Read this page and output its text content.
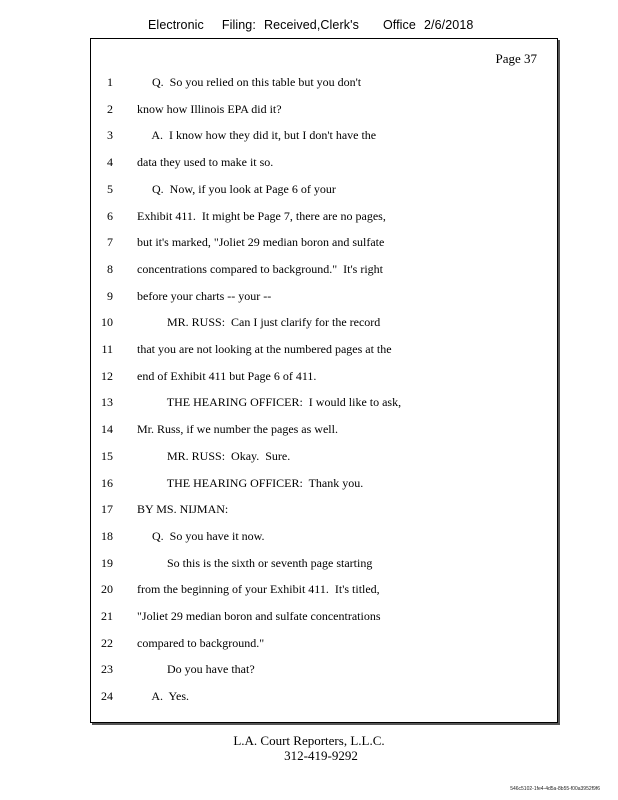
Electronic Filing: Received,Clerk's Office 2/6/2018
Page 37
1 Q.  So you relied on this table but you don't
2 know how Illinois EPA did it?
3 A.  I know how they did it, but I don't have the
4 data they used to make it so.
5 Q.  Now, if you look at Page 6 of your
6 Exhibit 411.  It might be Page 7, there are no pages,
7 but it's marked, "Joliet 29 median boron and sulfate
8 concentrations compared to background."  It's right
9 before your charts -- your --
10 MR. RUSS:  Can I just clarify for the record
11 that you are not looking at the numbered pages at the
12 end of Exhibit 411 but Page 6 of 411.
13 THE HEARING OFFICER:  I would like to ask,
14 Mr. Russ, if we number the pages as well.
15 MR. RUSS:  Okay.  Sure.
16 THE HEARING OFFICER:  Thank you.
17 BY MS. NIJMAN:
18 Q.  So you have it now.
19 So this is the sixth or seventh page starting
20 from the beginning of your Exhibit 411.  It's titled,
21 "Joliet 29 median boron and sulfate concentrations
22 compared to background."
23 Do you have that?
24 A.  Yes.
L.A. Court Reporters, L.L.C.
312-419-9292
546c5102-1fe4-4d5a-8b55-f00a3952f9f6
